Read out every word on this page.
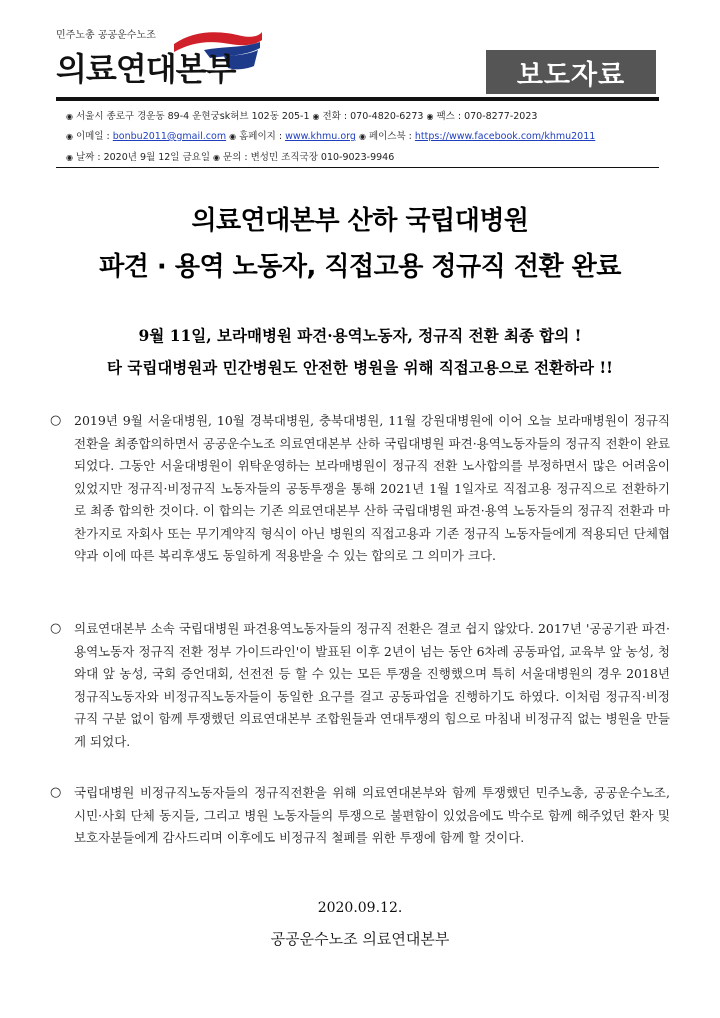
민주노총 공공운수노조
의료연대본부	보도자료
◉ 서울시 종로구 경운동 89-4 운현궁sk허브 102동 205-1 ◉ 전화 : 070-4820-6273 ◉ 팩스 : 070-8277-2023
◉ 이메일 : bonbu2011@gmail.com ◉ 홈페이지 : www.khmu.org ◉ 페이스북 : https://www.facebook.com/khmu2011
◉ 날짜 : 2020년 9월 12일 금요일 ◉ 문의 : 변성민 조직국장 010-9023-9946
의료연대본부 산하 국립대병원
파견 · 용역 노동자, 직접고용 정규직 전환 완료
9월 11일, 보라매병원 파견·용역노동자, 정규직 전환 최종 합의 !
타 국립대병원과 민간병원도 안전한 병원을 위해 직접고용으로 전환하라 !!
○	2019년 9월 서울대병원, 10월 경북대병원, 충북대병원, 11월 강원대병원에 이어 오늘 보라매병원이 정규직 전환을 최종합의하면서 공공운수노조 의료연대본부 산하 국립대병원 파견·용역노동자들의 정규직 전환이 완료되었다. 그동안 서울대병원이 위탁운영하는 보라매병원이 정규직 전환 노사합의를 부정하면서 많은 어려움이 있었지만 정규직·비정규직 노동자들의 공동투쟁을 통해 2021년 1월 1일자로 직접고용 정규직으로 전환하기로 최종 합의한 것이다. 이 합의는 기존 의료연대본부 산하 국립대병원 파견·용역 노동자들의 정규직 전환과 마찬가지로 자회사 또는 무기계약직 형식이 아닌 병원의 직접고용과 기존 정규직 노동자들에게 적용되던 단체협약과 이에 따른 복리후생도 동일하게 적용받을 수 있는 합의로 그 의미가 크다.
○	의료연대본부 소속 국립대병원 파견용역노동자들의 정규직 전환은 결코 쉽지 않았다. 2017년 '공공기관 파견·용역노동자 정규직 전환 정부 가이드라인'이 발표된 이후 2년이 넘는 동안 6차례 공동파업, 교육부 앞 농성, 청와대 앞 농성, 국회 증언대회, 선전전 등 할 수 있는 모든 투쟁을 진행했으며 특히 서울대병원의 경우 2018년 정규직노동자와 비정규직노동자들이 동일한 요구를 걸고 공동파업을 진행하기도 하였다. 이처럼 정규직·비정규직 구분 없이 함께 투쟁했던 의료연대본부 조합원들과 연대투쟁의 힘으로 마침내 비정규직 없는 병원을 만들게 되었다.
○	국립대병원 비정규직노동자들의 정규직전환을 위해 의료연대본부와 함께 투쟁했던 민주노총, 공공운수노조, 시민·사회 단체 동지들, 그리고 병원 노동자들의 투쟁으로 불편함이 있었음에도 박수로 함께 해주었던 환자 및 보호자분들에게 감사드리며 이후에도 비정규직 철폐를 위한 투쟁에 함께 할 것이다.
2020.09.12.
공공운수노조 의료연대본부
